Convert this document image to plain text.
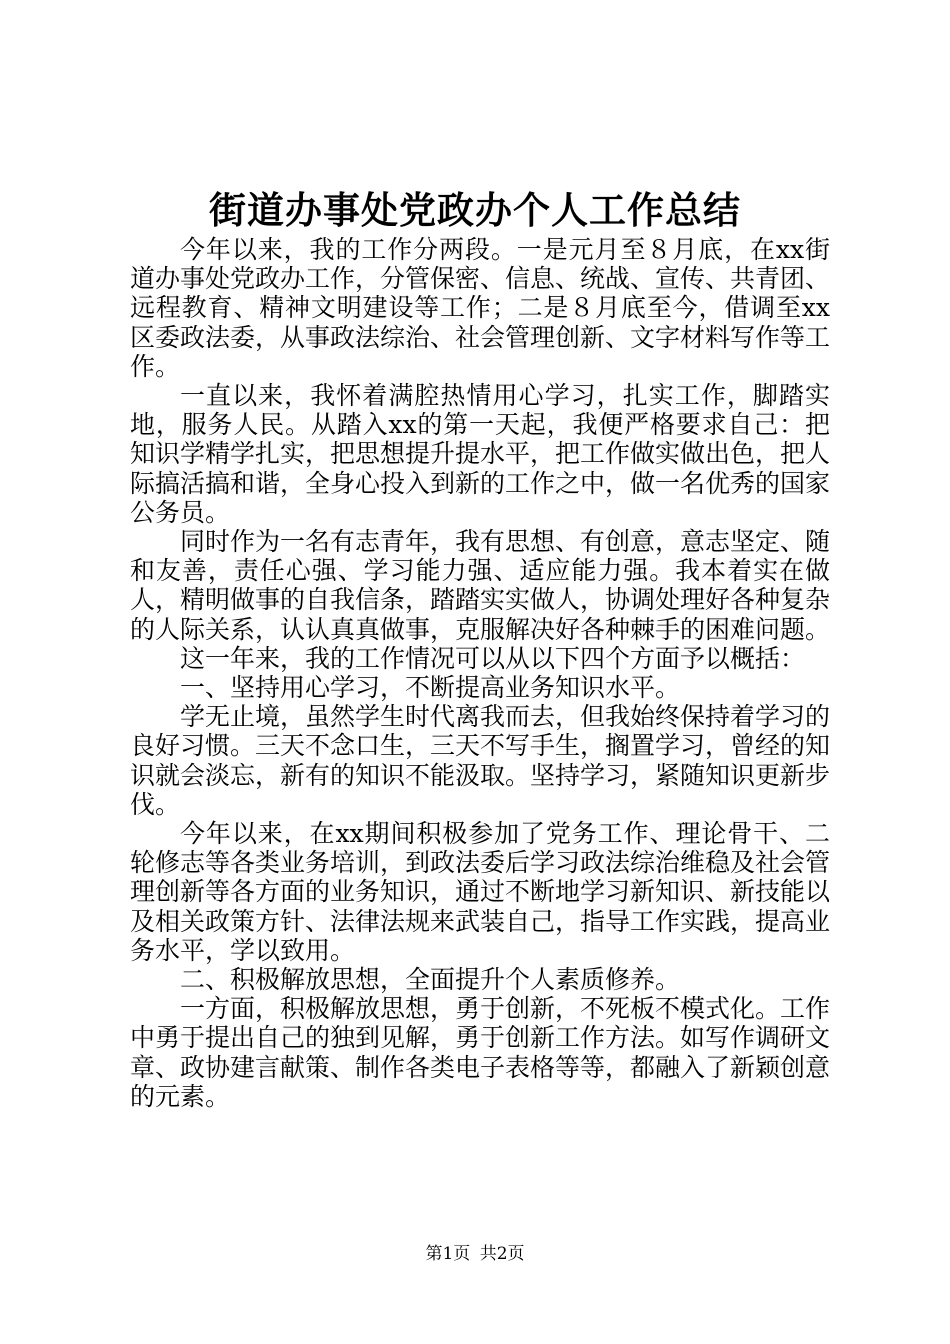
街道办事处党政办个人工作总结

今年以来，我的工作分两段。一是元月至８月底，在xx街道办事处党政办工作，分管保密、信息、统战、宣传、共青团、远程教育、精神文明建设等工作；二是８月底至今，借调至xx区委政法委，从事政法综治、社会管理创新、文字材料写作等工作。

一直以来，我怀着满腔热情用心学习，扎实工作，脚踏实地，服务人民。从踏入xx的第一天起，我便严格要求自己：把知识学精学扎实，把思想提升提水平，把工作做实做出色，把人际搞活搞和谐，全身心投入到新的工作之中，做一名优秀的国家公务员。

同时作为一名有志青年，我有思想、有创意，意志坚定、随和友善，责任心强、学习能力强、适应能力强。我本着实在做人，精明做事的自我信条，踏踏实实做人，协调处理好各种复杂的人际关系，认认真真做事，克服解决好各种棘手的困难问题。

这一年来，我的工作情况可以从以下四个方面予以概括：

一、坚持用心学习，不断提高业务知识水平。

学无止境，虽然学生时代离我而去，但我始终保持着学习的良好习惯。三天不念口生，三天不写手生，搁置学习，曾经的知识就会淡忘，新有的知识不能汲取。坚持学习，紧随知识更新步伐。

今年以来，在xx期间积极参加了党务工作、理论骨干、二轮修志等各类业务培训，到政法委后学习政法综治维稳及社会管理创新等各方面的业务知识，通过不断地学习新知识、新技能以及相关政策方针、法律法规来武装自己，指导工作实践，提高业务水平，学以致用。

二、积极解放思想，全面提升个人素质修养。

一方面，积极解放思想，勇于创新，不死板不模式化。工作中勇于提出自己的独到见解，勇于创新工作方法。如写作调研文章、政协建言献策、制作各类电子表格等等，都融入了新颖创意的元素。

第1页 共2页
